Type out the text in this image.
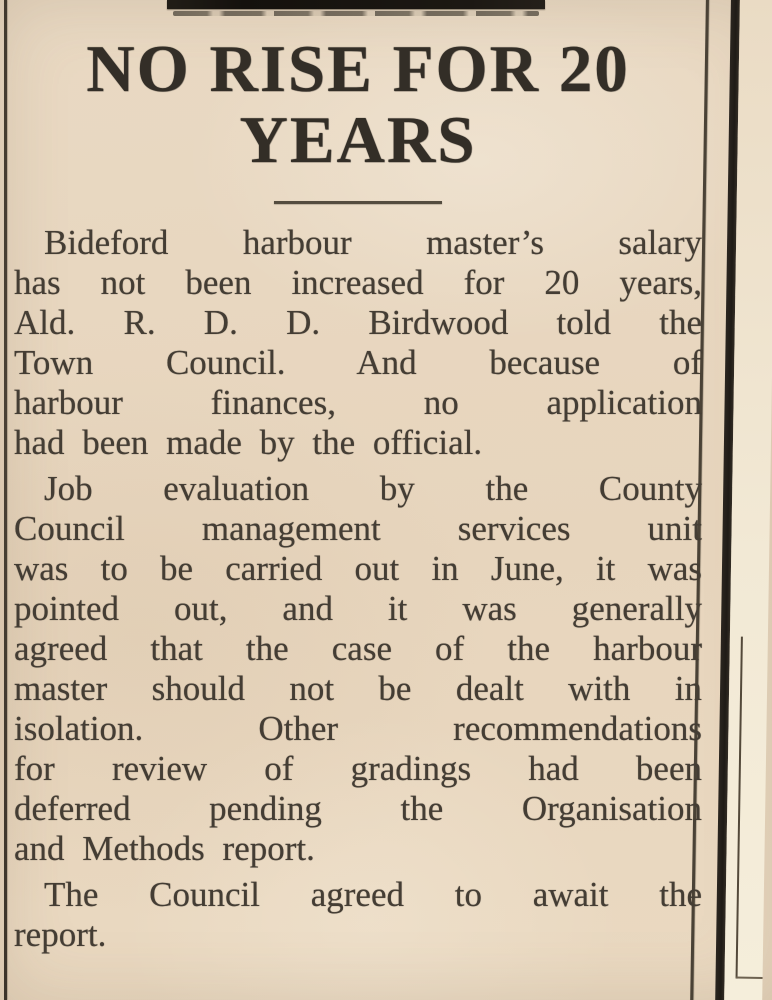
NO RISE FOR 20
YEARS
Bideford harbour master’s salary
has not been increased for 20 years,
Ald. R. D. D. Birdwood told the
Town Council. And because of
harbour finances, no application
had been made by the official.
Job evaluation by the County
Council management services unit
was to be carried out in June, it was
pointed out, and it was generally
agreed that the case of the harbour
master should not be dealt with in
isolation. Other recommendations
for review of gradings had been
deferred pending the Organisation
and Methods report.
The Council agreed to await the
report.
